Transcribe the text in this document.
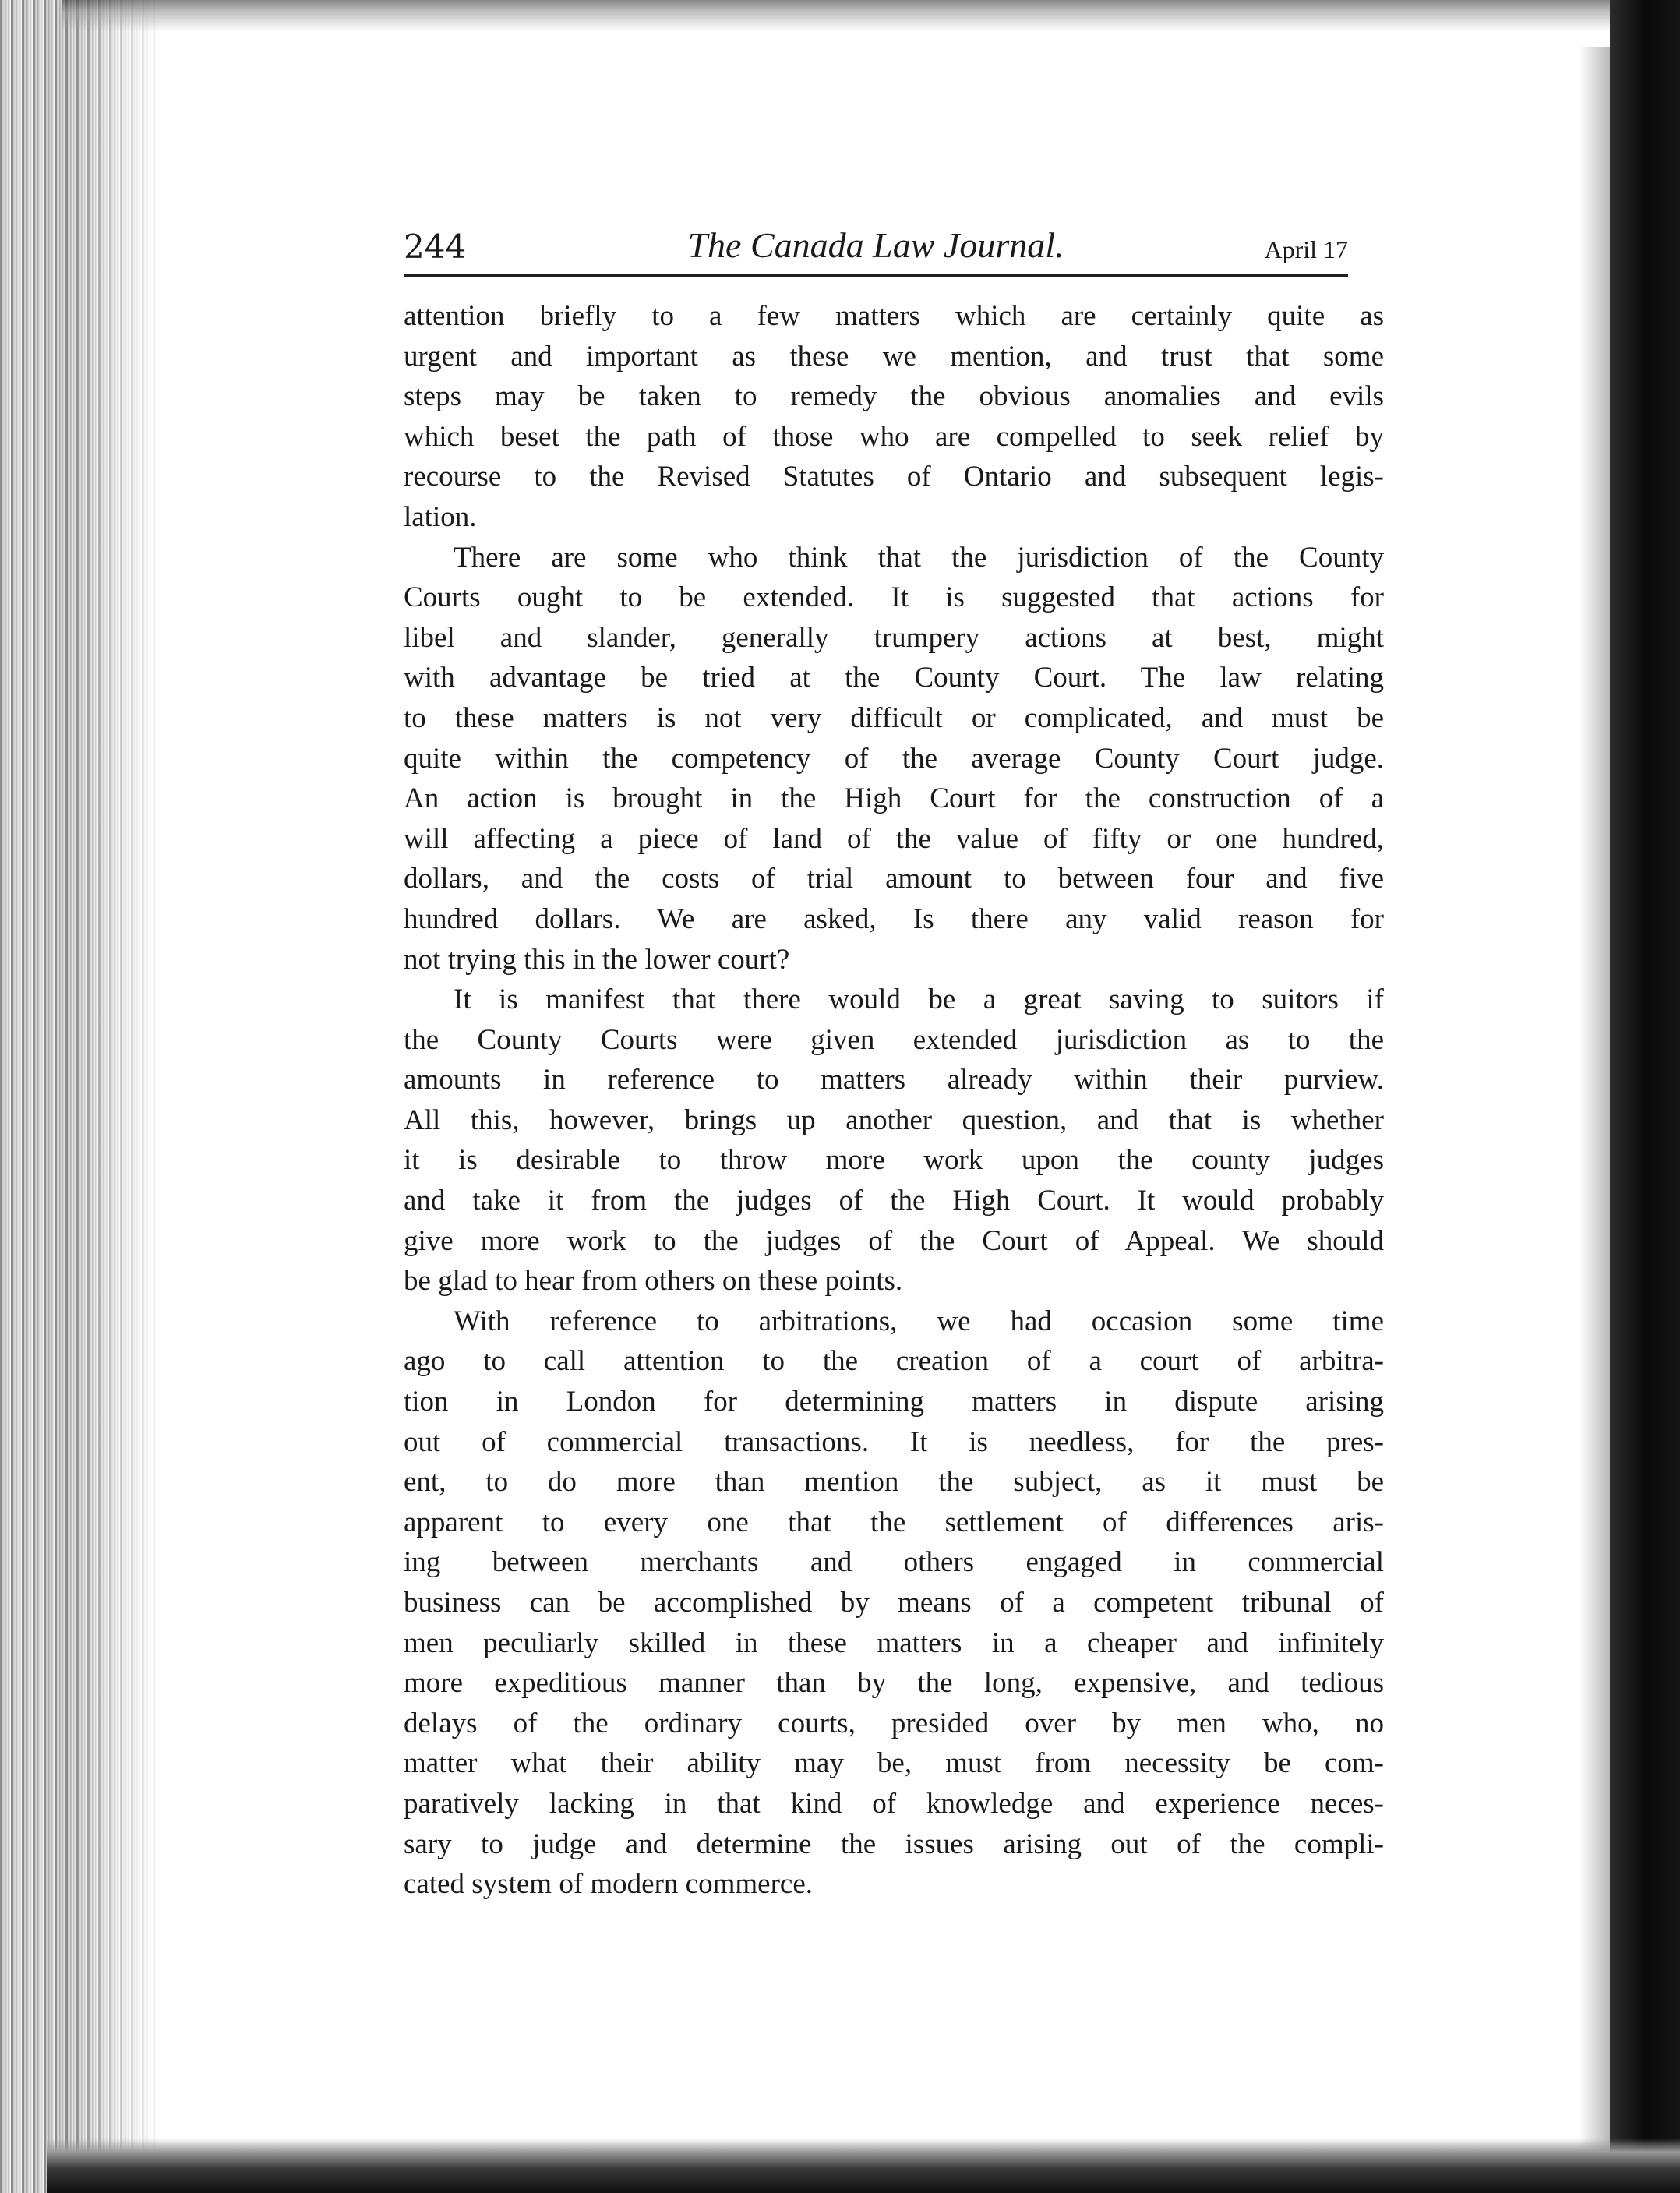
244	The Canada Law Journal.	April 17
attention briefly to a few matters which are certainly quite as
urgent and important as these we mention, and trust that some
steps may be taken to remedy the obvious anomalies and evils
which beset the path of those who are compelled to seek relief by
recourse to the Revised Statutes of Ontario and subsequent legis-
lation.
There are some who think that the jurisdiction of the County
Courts ought to be extended. It is suggested that actions for
libel and slander, generally trumpery actions at best, might
with advantage be tried at the County Court. The law relating
to these matters is not very difficult or complicated, and must be
quite within the competency of the average County Court judge.
An action is brought in the High Court for the construction of a
will affecting a piece of land of the value of fifty or one hundred,
dollars, and the costs of trial amount to between four and five
hundred dollars. We are asked, Is there any valid reason for
not trying this in the lower court?
It is manifest that there would be a great saving to suitors if
the County Courts were given extended jurisdiction as to the
amounts in reference to matters already within their purview.
All this, however, brings up another question, and that is whether
it is desirable to throw more work upon the county judges
and take it from the judges of the High Court. It would probably
give more work to the judges of the Court of Appeal. We should
be glad to hear from others on these points.
With reference to arbitrations, we had occasion some time
ago to call attention to the creation of a court of arbitra-
tion in London for determining matters in dispute arising
out of commercial transactions. It is needless, for the pres-
ent, to do more than mention the subject, as it must be
apparent to every one that the settlement of differences aris-
ing between merchants and others engaged in commercial
business can be accomplished by means of a competent tribunal of
men peculiarly skilled in these matters in a cheaper and infinitely
more expeditious manner than by the long, expensive, and tedious
delays of the ordinary courts, presided over by men who, no
matter what their ability may be, must from necessity be com-
paratively lacking in that kind of knowledge and experience neces-
sary to judge and determine the issues arising out of the compli-
cated system of modern commerce.
